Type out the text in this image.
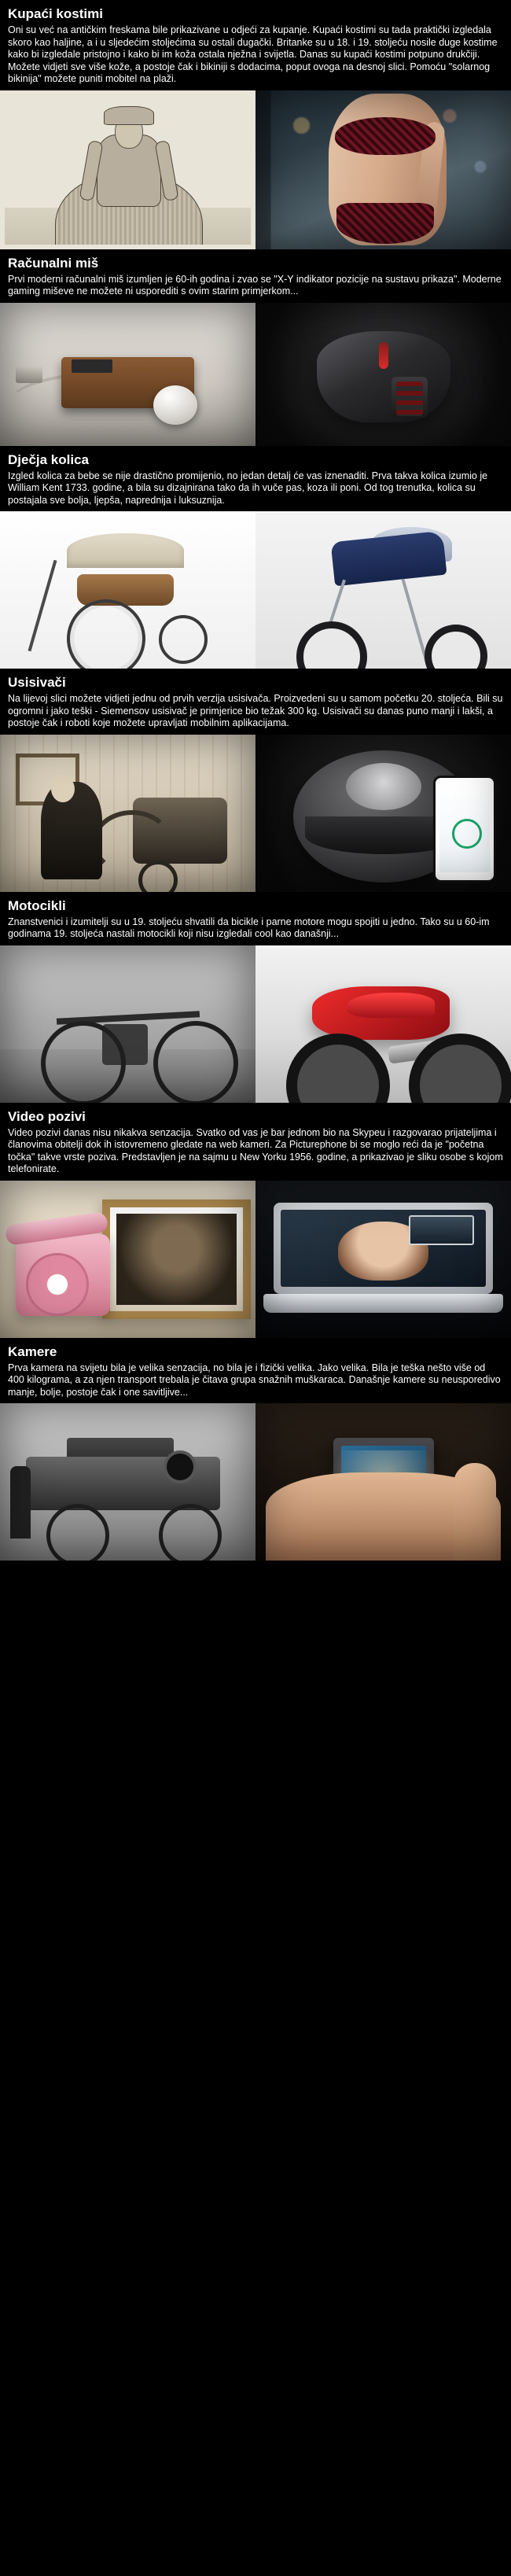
Kupaći kostimi

Oni su već na antičkim freskama bile prikazivane u odjeći za kupanje. Kupaći kostimi su tada praktički izgledala skoro kao haljine, a i u sljedećim stoljećima su ostali dugački. Britanke su u 18. i 19. stoljeću nosile duge kostime kako bi izgledale pristojno i kako bi im koža ostala nježna i svijetla. Danas su kupaći kostimi potpuno drukčiji. Možete vidjeti sve više kože, a postoje čak i bikiniji s dodacima, poput ovoga na desnoj slici. Pomoću "solarnog bikinija" možete puniti mobitel na plaži.

Računalni miš

Prvi moderni računalni miš izumljen je 60-ih godina i zvao se "X-Y indikator pozicije na sustavu prikaza". Moderne gaming miševe ne možete ni usporediti s ovim starim primjerkom...

Dječja kolica

Izgled kolica za bebe se nije drastično promijenio, no jedan detalj će vas iznenaditi. Prva takva kolica izumio je William Kent 1733. godine, a bila su dizajnirana tako da ih vuče pas, koza ili poni. Od tog trenutka, kolica su postajala sve bolja, ljepša, naprednija i luksuznija.

Usisivači

Na lijevoj slici možete vidjeti jednu od prvih verzija usisivača. Proizvedeni su u samom početku 20. stoljeća. Bili su ogromni i jako teški - Siemensov usisivač je primjerice bio težak 300 kg. Usisivači su danas puno manji i lakši, a postoje čak i roboti koje možete upravljati mobilnim aplikacijama.

Motocikli

Znanstvenici i izumitelji su u 19. stoljeću shvatili da bicikle i parne motore mogu spojiti u jedno. Tako su u 60-im godinama 19. stoljeća nastali motocikli koji nisu izgledali cool kao današnji...

Video pozivi

Video pozivi danas nisu nikakva senzacija. Svatko od vas je bar jednom bio na Skypeu i razgovarao prijateljima i članovima obitelji dok ih istovremeno gledate na web kameri. Za Picturephone bi se moglo reći da je "početna točka" takve vrste poziva. Predstavljen je na sajmu u New Yorku 1956. godine, a prikazivao je sliku osobe s kojom telefonirate.

Kamere

Prva kamera na svijetu bila je velika senzacija, no bila je i fizički velika. Jako velika. Bila je teška nešto više od 400 kilograma, a za njen transport trebala je čitava grupa snažnih muškaraca. Današnje kamere su neusporedivo manje, bolje, postoje čak i one savitljive...
